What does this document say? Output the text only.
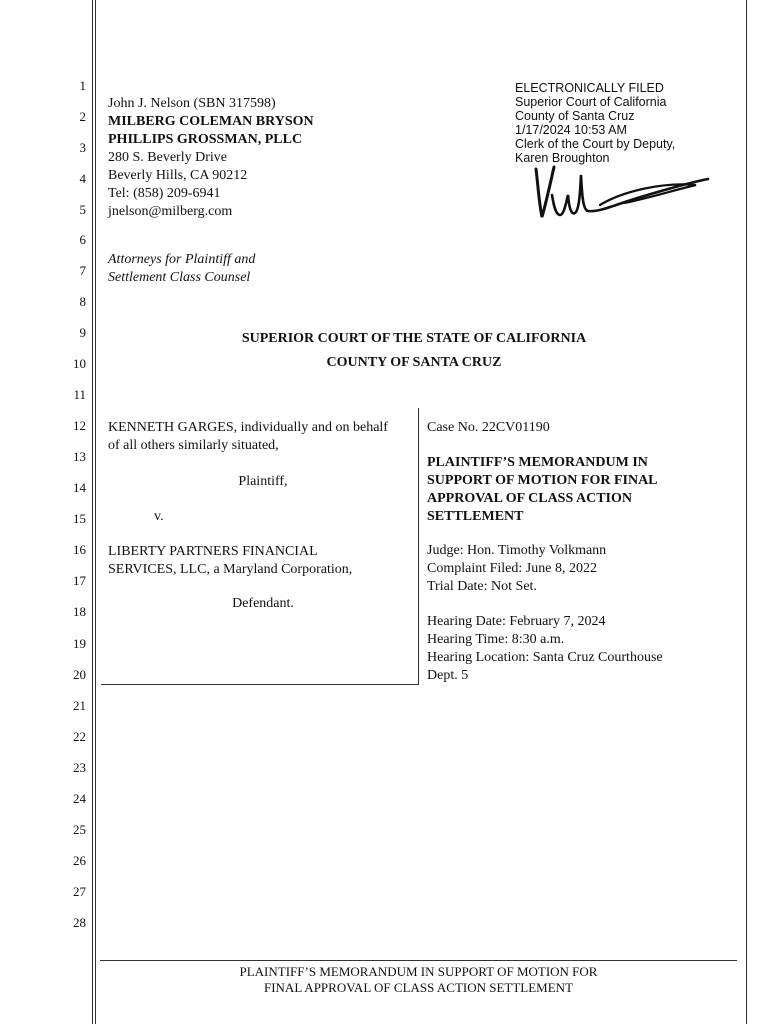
1
2
3
4
5
6
7
8
9
10
11
12
13
14
15
16
17
18
19
20
21
22
23
24
25
26
27
28
John J. Nelson (SBN 317598)
MILBERG COLEMAN BRYSON
PHILLIPS GROSSMAN, PLLC
280 S. Beverly Drive
Beverly Hills, CA 90212
Tel: (858) 209-6941
jnelson@milberg.com
Attorneys for Plaintiff and
Settlement Class Counsel
ELECTRONICALLY FILED
Superior Court of California
County of Santa Cruz
1/17/2024 10:53 AM
Clerk of the Court by Deputy,
Karen Broughton
SUPERIOR COURT OF THE STATE OF CALIFORNIA
COUNTY OF SANTA CRUZ
KENNETH GARGES, individually and on behalf
of all others similarly situated,
Plaintiff,
v.
LIBERTY PARTNERS FINANCIAL
SERVICES, LLC, a Maryland Corporation,
Defendant.
Case No. 22CV01190
PLAINTIFF’S MEMORANDUM IN
SUPPORT OF MOTION FOR FINAL
APPROVAL OF CLASS ACTION
SETTLEMENT
Judge: Hon. Timothy Volkmann
Complaint Filed: June 8, 2022
Trial Date: Not Set.
Hearing Date: February 7, 2024
Hearing Time: 8:30 a.m.
Hearing Location: Santa Cruz Courthouse
Dept. 5
PLAINTIFF’S MEMORANDUM IN SUPPORT OF MOTION FOR
FINAL APPROVAL OF CLASS ACTION SETTLEMENT
